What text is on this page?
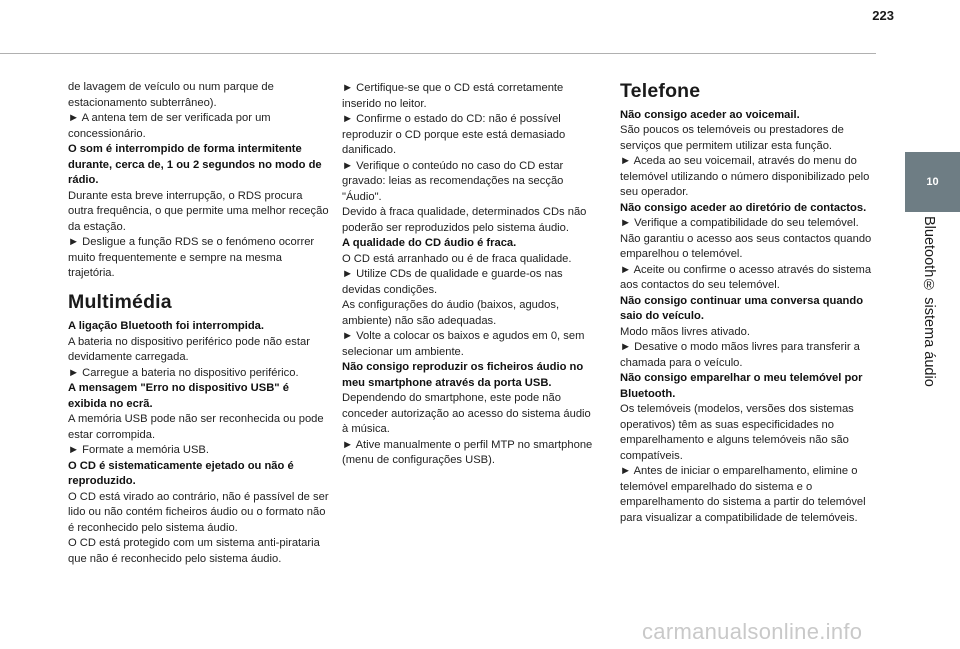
223
10
Bluetooth® sistema áudio

de lavagem de veículo ou num parque de estacionamento subterrâneo).

► A antena tem de ser verificada por um concessionário.

O som é interrompido de forma intermitente durante, cerca de, 1 ou 2 segundos no modo de rádio.

Durante esta breve interrupção, o RDS procura outra frequência, o que permite uma melhor receção da estação.

► Desligue a função RDS se o fenómeno ocorrer muito frequentemente e sempre na mesma trajetória.

Multimédia

A ligação Bluetooth foi interrompida.

A bateria no dispositivo periférico pode não estar devidamente carregada.

► Carregue a bateria no dispositivo periférico.

A mensagem "Erro no dispositivo USB" é exibida no ecrã.

A memória USB pode não ser reconhecida ou pode estar corrompida.

► Formate a memória USB.

O CD é sistematicamente ejetado ou não é reproduzido.

O CD está virado ao contrário, não é passível de ser lido ou não contém ficheiros áudio ou o formato não é reconhecido pelo sistema áudio.

O CD está protegido com um sistema anti-pirataria que não é reconhecido pelo sistema áudio.

► Certifique-se que o CD está corretamente inserido no leitor.

► Confirme o estado do CD: não é possível reproduzir o CD porque este está demasiado danificado.

► Verifique o conteúdo no caso do CD estar gravado: leias as recomendações na secção "Áudio".

Devido à fraca qualidade, determinados CDs não poderão ser reproduzidos pelo sistema áudio.

A qualidade do CD áudio é fraca.

O CD está arranhado ou é de fraca qualidade.

► Utilize CDs de qualidade e guarde-os nas devidas condições.

As configurações do áudio (baixos, agudos, ambiente) não são adequadas.

► Volte a colocar os baixos e agudos em 0, sem selecionar um ambiente.

Não consigo reproduzir os ficheiros áudio no meu smartphone através da porta USB.

Dependendo do smartphone, este pode não conceder autorização ao acesso do sistema áudio à música.

► Ative manualmente o perfil MTP no smartphone (menu de configurações USB).

Telefone

Não consigo aceder ao voicemail.

São poucos os telemóveis ou prestadores de serviços que permitem utilizar esta função.

► Aceda ao seu voicemail, através do menu do telemóvel utilizando o número disponibilizado pelo seu operador.

Não consigo aceder ao diretório de contactos.

► Verifique a compatibilidade do seu telemóvel.

Não garantiu o acesso aos seus contactos quando emparelhou o telemóvel.

► Aceite ou confirme o acesso através do sistema aos contactos do seu telemóvel.

Não consigo continuar uma conversa quando saio do veículo.

Modo mãos livres ativado.

► Desative o modo mãos livres para transferir a chamada para o veículo.

Não consigo emparelhar o meu telemóvel por Bluetooth.

Os telemóveis (modelos, versões dos sistemas operativos) têm as suas especificidades no emparelhamento e alguns telemóveis não são compatíveis.

► Antes de iniciar o emparelhamento, elimine o telemóvel emparelhado do sistema e o emparelhamento do sistema a partir do telemóvel para visualizar a compatibilidade de telemóveis.

carmanualsonline.info
